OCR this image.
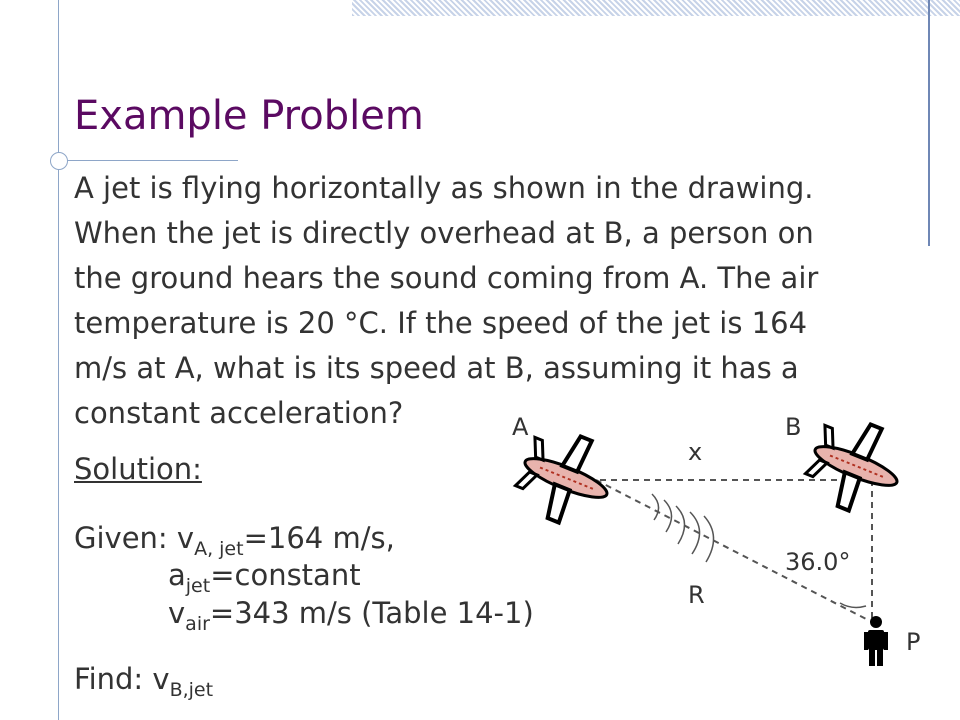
Example Problem
A jet is flying horizontally as shown in the drawing.
When the jet is directly overhead at B, a person on
the ground hears the sound coming from A. The air
temperature is 20 °C. If the speed of the jet is 164
m/s at A, what is its speed at B, assuming it has a
constant acceleration?
Solution:
Given: $v_{A, jet}=164$ m/s,
$a_{jet}=constant$
$v_{air}=343$ m/s (Table 14-1)
Find: $v_{B,jet}$
A	B
x
R
P
36.0°
